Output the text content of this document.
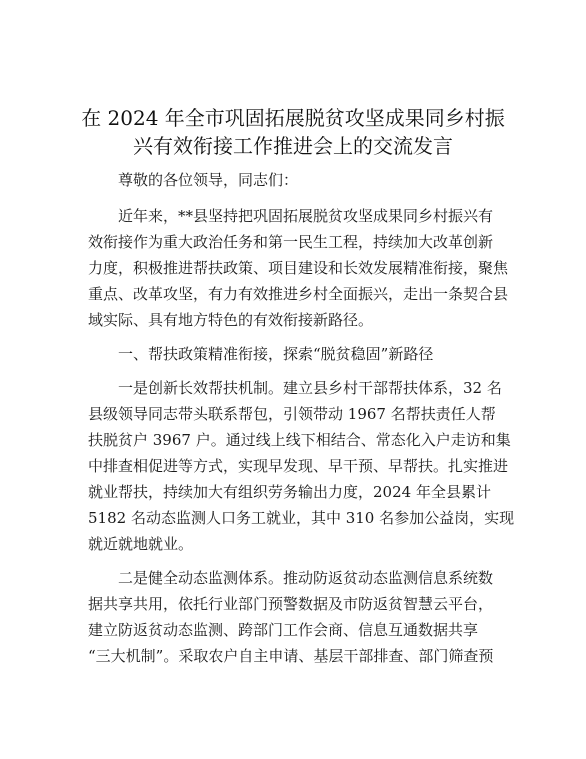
在 2024 年全市巩固拓展脱贫攻坚成果同乡村振
兴有效衔接工作推进会上的交流发言
尊敬的各位领导，同志们：
近年来，**县坚持把巩固拓展脱贫攻坚成果同乡村振兴有
效衔接作为重大政治任务和第一民生工程，持续加大改革创新
力度，积极推进帮扶政策、项目建设和长效发展精准衔接，聚焦
重点、改革攻坚，有力有效推进乡村全面振兴，走出一条契合县
域实际、具有地方特色的有效衔接新路径。
一、帮扶政策精准衔接，探索“脱贫稳固”新路径
一是创新长效帮扶机制。建立县乡村干部帮扶体系，32 名
县级领导同志带头联系帮包，引领带动 1967 名帮扶责任人帮
扶脱贫户 3967 户。通过线上线下相结合、常态化入户走访和集
中排查相促进等方式，实现早发现、早干预、早帮扶。扎实推进
就业帮扶，持续加大有组织劳务输出力度，2024 年全县累计
5182 名动态监测人口务工就业，其中 310 名参加公益岗，实现
就近就地就业。
二是健全动态监测体系。推动防返贫动态监测信息系统数
据共享共用，依托行业部门预警数据及市防返贫智慧云平台，
建立防返贫动态监测、跨部门工作会商、信息互通数据共享
“三大机制”。采取农户自主申请、基层干部排查、部门筛查预
